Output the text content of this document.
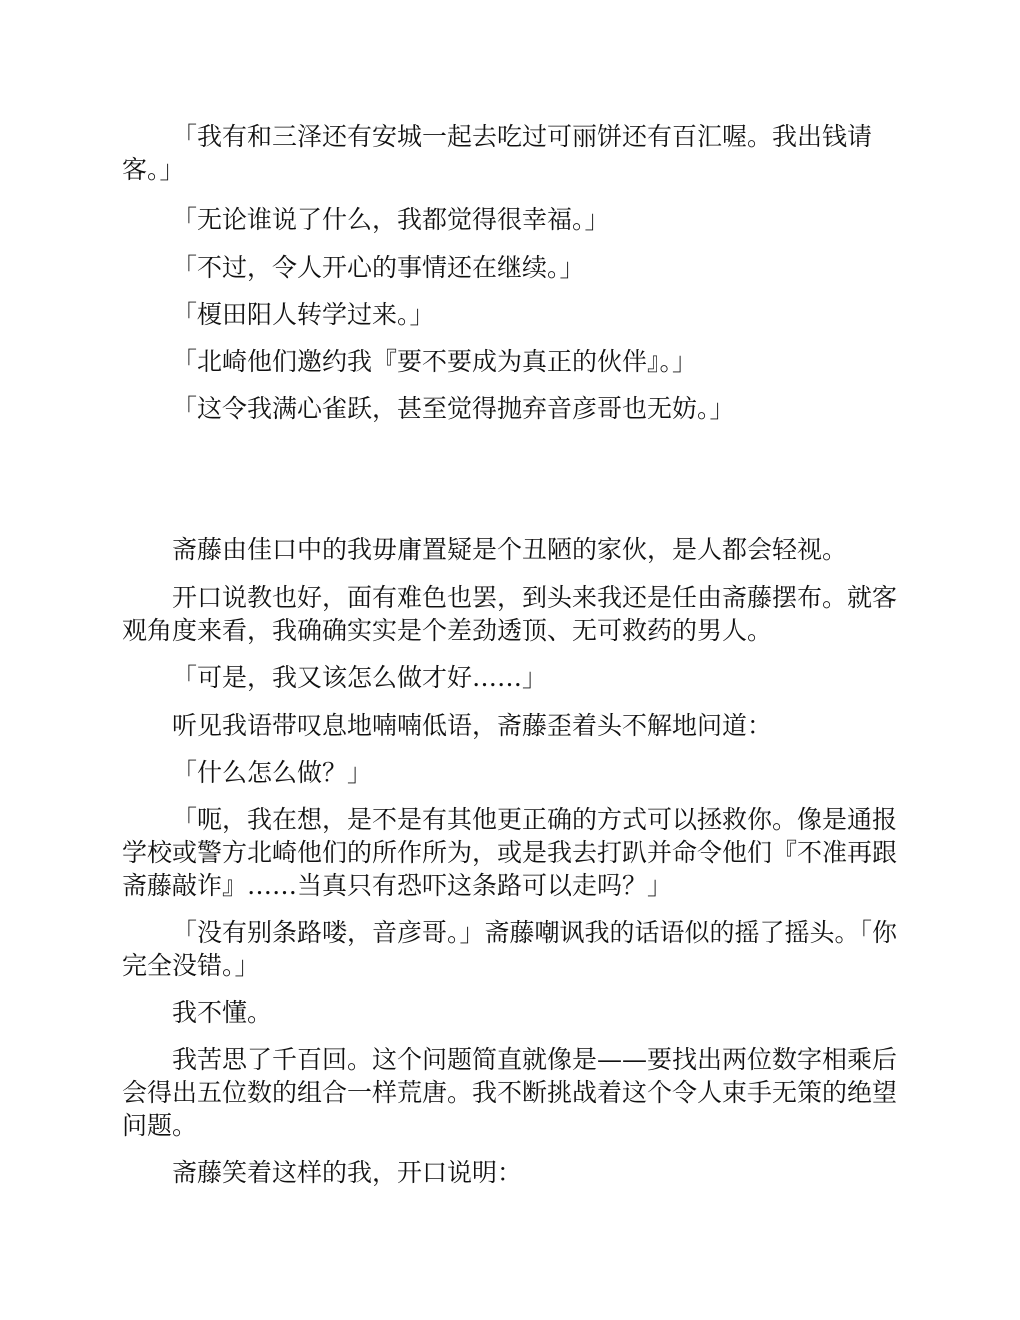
「我有和三泽还有安城一起去吃过可丽饼还有百汇喔。我出钱请客。」

「无论谁说了什么，我都觉得很幸福。」

「不过，令人开心的事情还在继续。」

「榎田阳人转学过来。」

「北崎他们邀约我『要不要成为真正的伙伴』。」

「这令我满心雀跃，甚至觉得抛弃音彦哥也无妨。」

斋藤由佳口中的我毋庸置疑是个丑陋的家伙，是人都会轻视。

开口说教也好，面有难色也罢，到头来我还是任由斋藤摆布。就客观角度来看，我确确实实是个差劲透顶、无可救药的男人。

「可是，我又该怎么做才好……」

听见我语带叹息地喃喃低语，斋藤歪着头不解地问道：

「什么怎么做？」

「呃，我在想，是不是有其他更正确的方式可以拯救你。像是通报学校或警方北崎他们的所作所为，或是我去打趴并命令他们『不准再跟斋藤敲诈』……当真只有恐吓这条路可以走吗？」

「没有别条路喽，音彦哥。」斋藤嘲讽我的话语似的摇了摇头。「你完全没错。」

我不懂。

我苦思了千百回。这个问题简直就像是——要找出两位数字相乘后会得出五位数的组合一样荒唐。我不断挑战着这个令人束手无策的绝望问题。

斋藤笑着这样的我，开口说明：
